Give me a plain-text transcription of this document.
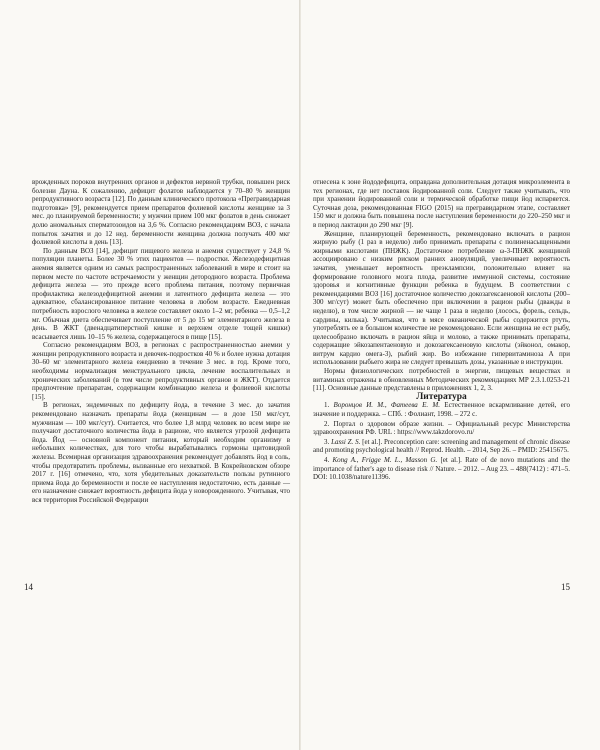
врожденных пороков внутренних органов и дефектов нервной трубки, повышен риск болезни Дауна. К сожалению, дефицит фолатов наблюдается у 70–80 % женщин репродуктивного возраста [12]. По данным клинического протокола «Прегравидарная подготовка» [9], рекомендуется прием препаратов фолиевой кислоты женщине за 3 мес. до планируемой беременности; у мужчин прием 100 мкг фолатов в день снижает долю аномальных сперматозоидов на 3,6 %. Согласно рекомендациям ВОЗ, с начала попыток зачатия и до 12 нед. беременности женщина должна получать 400 мкг фолиевой кислоты в день [13].

По данным ВОЗ [14], дефицит пищевого железа и анемия существует у 24,8 % популяции планеты. Более 30 % этих пациентов — подростки. Железодефицитная анемия является одним из самых распространенных заболеваний в мире и стоит на первом месте по частоте встречаемости у женщин детородного возраста. Проблема дефицита железа — это прежде всего проблема питания, поэтому первичная профилактика железодефицитной анемии и латентного дефицита железа — это адекватное, сбалансированное питание человека в любом возрасте. Ежедневная потребность взрослого человека в железе составляет около 1–2 мг, ребенка — 0,5–1,2 мг. Обычная диета обеспечивает поступление от 5 до 15 мг элементарного железа в день. В ЖКТ (двенадцатиперстной кишке и верхнем отделе тощей кишки) всасывается лишь 10–15 % железа, содержащегося в пище [15].

Согласно рекомендациям ВОЗ, в регионах с распространенностью анемии у женщин репродуктивного возраста и девочек-подростков 40 % и более нужна дотация 30–60 мг элементарного железа ежедневно в течение 3 мес. в год. Кроме того, необходимы нормализация менструального цикла, лечение воспалительных и хронических заболеваний (в том числе репродуктивных органов и ЖКТ). Отдается предпочтение препаратам, содержащим комбинацию железа и фолиевой кислоты [15].

В регионах, эндемичных по дефициту йода, в течение 3 мес. до зачатия рекомендовано назначать препараты йода (женщинам — в дозе 150 мкг/сут, мужчинам — 100 мкг/сут). Считается, что более 1,8 млрд человек во всем мире не получают достаточного количества йода в рационе, что является угрозой дефицита йода. Йод — основной компонент питания, который необходим организму в небольших количествах, для того чтобы вырабатывались гормоны щитовидной железы. Всемирная организация здравоохранения рекомендует добавлять йод в соль, чтобы предотвратить проблемы, вызванные его нехваткой. В Кокрейновском обзоре 2017 г. [16] отмечено, что, хотя убедительных доказательств пользы рутинного приема йода до беременности и после ее наступления недостаточно, есть данные — его назначение снижает вероятность дефицита йода у новорожденного. Учитывая, что вся территория Российской Федерации

14

отнесена к зоне йододефицита, оправдана дополнительная дотация микроэлемента в тех регионах, где нет поставок йодированной соли. Следует также учитывать, что при хранении йодированной соли и термической обработке пищи йод испаряется. Суточная доза, рекомендованная FIGO (2015) на прегравидарном этапе, составляет 150 мкг и должна быть повышена после наступления беременности до 220–250 мкг и в период лактации до 290 мкг [9].

Женщине, планирующей беременность, рекомендовано включать в рацион жирную рыбу (1 раз в неделю) либо принимать препараты с полиненасыщенными жирными кислотами (ПНЖК). Достаточное потребление ω-3-ПНЖК женщиной ассоциировано с низким риском ранних ановуляций, увеличивает вероятность зачатия, уменьшает вероятность преэклампсии, положительно влияет на формирование головного мозга плода, развитие иммунной системы, состояние здоровья и когнитивные функции ребенка в будущем. В соответствии с рекомендациями ВОЗ [16] достаточное количество докозагексаеновой кислоты (200–300 мг/сут) может быть обеспечено при включении в рацион рыбы (дважды в неделю), в том числе жирной — не чаще 1 раза в неделю (лосось, форель, сельдь, сардины, килька). Учитывая, что в мясе океанической рыбы содержится ртуть, употреблять ее в большом количестве не рекомендовано. Если женщина не ест рыбу, целесообразно включать в рацион яйца и молоко, а также принимать препараты, содержащие эйкозапентаеновую и докозагексаеновую кислоты (эйконол, омакор, витрум кардио омега-3), рыбий жир. Во избежание гипервитаминоза А при использовании рыбьего жира не следует превышать дозы, указанные в инструкции.

Нормы физиологических потребностей в энергии, пищевых веществах и витаминах отражены в обновленных Методических рекомендациях МР 2.3.1.0253-21 [11]. Основные данные представлены в приложениях 1, 2, 3.

Литература

1. Воронцов И. М., Фатеева Е. М. Естественное вскармливание детей, его значение и поддержка. – СПб. : Фолиант, 1998. – 272 с.

2. Портал о здоровом образе жизни. – Официальный ресурс Министерства здравоохранения РФ. URL : https://www.takzdorovo.ru/

3. Lassi Z. S. [et al.]. Preconception care: screening and management of chronic disease and promoting psychological health // Reprod. Health. – 2014, Sep 26. – PMID: 25415675.

4. Kong A., Frigge M. L., Masson G. [et al.]. Rate of de novo mutations and the importance of father's age to disease risk // Nature. – 2012. – Aug 23. – 488(7412) : 471–5. DOI: 10.1038/nature11396.

15
